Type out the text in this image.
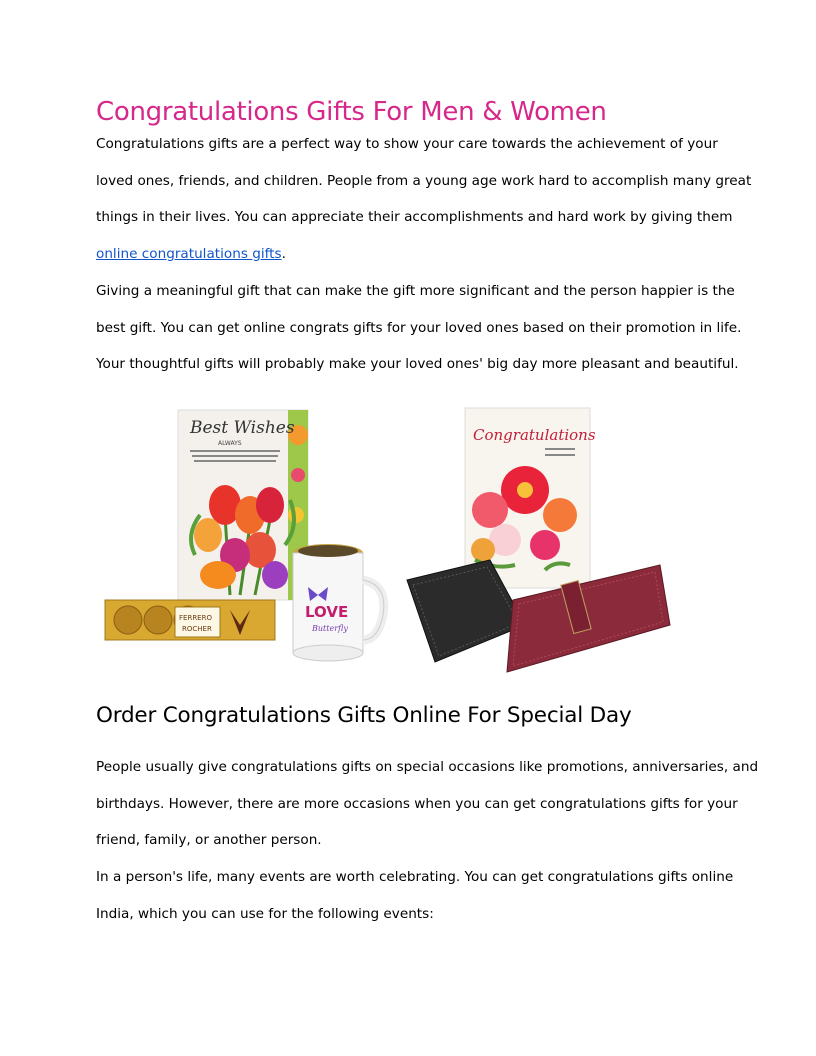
Congratulations Gifts For Men & Women

Congratulations gifts are a perfect way to show your care towards the achievement of your

loved ones, friends, and children. People from a young age work hard to accomplish many great

things in their lives. You can appreciate their accomplishments and hard work by giving them

online congratulations gifts.

Giving a meaningful gift that can make the gift more significant and the person happier is the

best gift. You can get online congrats gifts for your loved ones based on their promotion in life.

Your thoughtful gifts will probably make your loved ones' big day more pleasant and beautiful.

Best Wishes
ALWAYS
LOVE
Butterfly
FERRERO
ROCHER
Congratulations
Order Congratulations Gifts Online For Special Day

People usually give congratulations gifts on special occasions like promotions, anniversaries, and

birthdays. However, there are more occasions when you can get congratulations gifts for your

friend, family, or another person.

In a person's life, many events are worth celebrating. You can get congratulations gifts online

India, which you can use for the following events:
